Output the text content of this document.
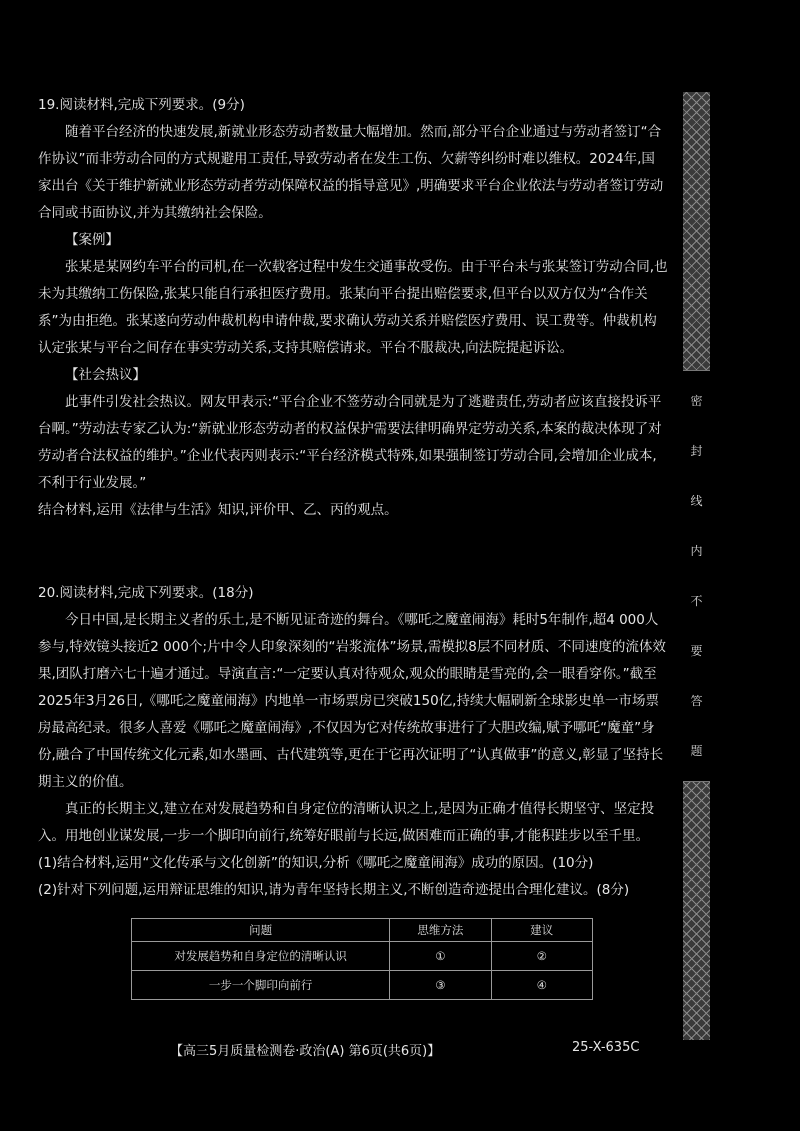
19.阅读材料,完成下列要求。(9分)

随着平台经济的快速发展,新就业形态劳动者数量大幅增加。然而,部分平台企业通过与劳动者签订“合作协议”而非劳动合同的方式规避用工责任,导致劳动者在发生工伤、欠薪等纠纷时难以维权。2024年,国家出台《关于维护新就业形态劳动者劳动保障权益的指导意见》,明确要求平台企业依法与劳动者签订劳动合同或书面协议,并为其缴纳社会保险。

【案例】

张某是某网约车平台的司机,在一次载客过程中发生交通事故受伤。由于平台未与张某签订劳动合同,也未为其缴纳工伤保险,张某只能自行承担医疗费用。张某向平台提出赔偿要求,但平台以双方仅为“合作关系”为由拒绝。张某遂向劳动仲裁机构申请仲裁,要求确认劳动关系并赔偿医疗费用、误工费等。仲裁机构认定张某与平台之间存在事实劳动关系,支持其赔偿请求。平台不服裁决,向法院提起诉讼。

【社会热议】

此事件引发社会热议。网友甲表示:“平台企业不签劳动合同就是为了逃避责任,劳动者应该直接投诉平台啊。”劳动法专家乙认为:“新就业形态劳动者的权益保护需要法律明确界定劳动关系,本案的裁决体现了对劳动者合法权益的维护。”企业代表丙则表示:“平台经济模式特殊,如果强制签订劳动合同,会增加企业成本,不利于行业发展。”

结合材料,运用《法律与生活》知识,评价甲、乙、丙的观点。

20.阅读材料,完成下列要求。(18分)

今日中国,是长期主义者的乐土,是不断见证奇迹的舞台。《哪吒之魔童闹海》耗时5年制作,超4 000人参与,特效镜头接近2 000个;片中令人印象深刻的“岩浆流体”场景,需模拟8层不同材质、不同速度的流体效果,团队打磨六七十遍才通过。导演直言:“一定要认真对待观众,观众的眼睛是雪亮的,会一眼看穿你。”截至2025年3月26日,《哪吒之魔童闹海》内地单一市场票房已突破150亿,持续大幅刷新全球影史单一市场票房最高纪录。很多人喜爱《哪吒之魔童闹海》,不仅因为它对传统故事进行了大胆改编,赋予哪吒“魔童”身份,融合了中国传统文化元素,如水墨画、古代建筑等,更在于它再次证明了“认真做事”的意义,彰显了坚持长期主义的价值。

真正的长期主义,建立在对发展趋势和自身定位的清晰认识之上,是因为正确才值得长期坚守、坚定投入。用地创业谋发展,一步一个脚印向前行,统筹好眼前与长远,做困难而正确的事,才能积跬步以至千里。

(1)结合材料,运用“文化传承与文化创新”的知识,分析《哪吒之魔童闹海》成功的原因。(10分)

(2)针对下列问题,运用辩证思维的知识,请为青年坚持长期主义,不断创造奇迹提出合理化建议。(8分)

问题	思维方法	建议
对发展趋势和自身定位的清晰认识	①	②
一步一个脚印向前行	③	④
密
封
线
内
不
要
答
题
【高三5月质量检测卷·政治(A) 第6页(共6页)】	25-X-635C
